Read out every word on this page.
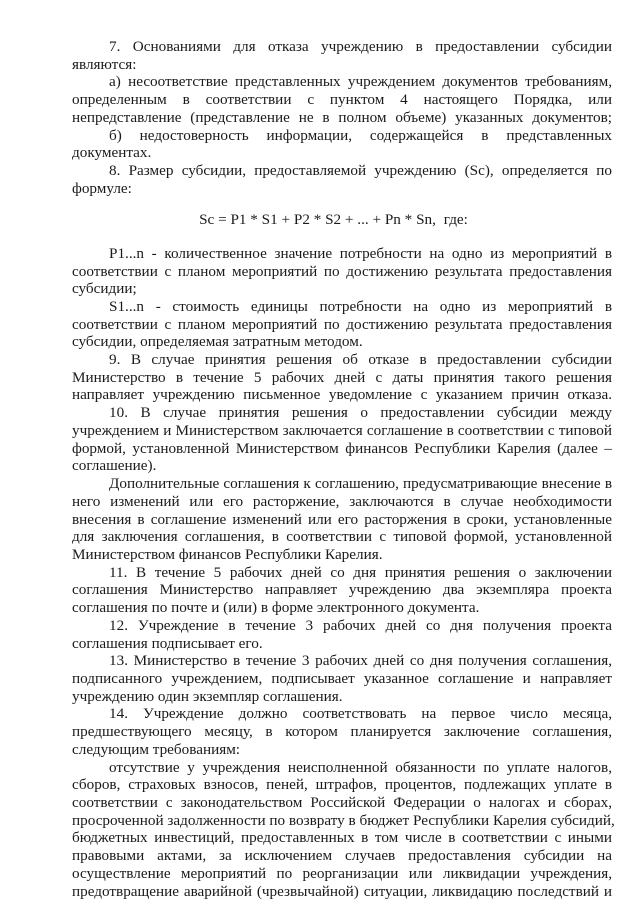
7. Основаниями для отказа учреждению в предоставлении субсидии
являются:
а) несоответствие представленных учреждением документов требованиям,
определенным в соответствии с пунктом 4 настоящего Порядка, или
непредставление (представление не в полном объеме) указанных документов;
б) недостоверность информации, содержащейся в представленных
документах.
8. Размер субсидии, предоставляемой учреждению (Sc), определяется по
формуле:
Sc = P1 * S1 + P2 * S2 + ... + Pn * Sn, где:
P1...n - количественное значение потребности на одно из мероприятий в
соответствии с планом мероприятий по достижению результата предоставления
субсидии;
S1...n - стоимость единицы потребности на одно из мероприятий в
соответствии с планом мероприятий по достижению результата предоставления
субсидии, определяемая затратным методом.
9. В случае принятия решения об отказе в предоставлении субсидии
Министерство в течение 5 рабочих дней с даты принятия такого решения
направляет учреждению письменное уведомление с указанием причин отказа.
10. В случае принятия решения о предоставлении субсидии между
учреждением и Министерством заключается соглашение в соответствии с типовой
формой, установленной Министерством финансов Республики Карелия (далее –
соглашение).
Дополнительные соглашения к соглашению, предусматривающие внесение в
него изменений или его расторжение, заключаются в случае необходимости
внесения в соглашение изменений или его расторжения в сроки, установленные
для заключения соглашения, в соответствии с типовой формой, установленной
Министерством финансов Республики Карелия.
11. В течение 5 рабочих дней со дня принятия решения о заключении
соглашения Министерство направляет учреждению два экземпляра проекта
соглашения по почте и (или) в форме электронного документа.
12. Учреждение в течение 3 рабочих дней со дня получения проекта
соглашения подписывает его.
13. Министерство в течение 3 рабочих дней со дня получения соглашения,
подписанного учреждением, подписывает указанное соглашение и направляет
учреждению один экземпляр соглашения.
14. Учреждение должно соответствовать на первое число месяца,
предшествующего месяцу, в котором планируется заключение соглашения,
следующим требованиям:
отсутствие у учреждения неисполненной обязанности по уплате налогов,
сборов, страховых взносов, пеней, штрафов, процентов, подлежащих уплате в
соответствии с законодательством Российской Федерации о налогах и сборах,
просроченной задолженности по возврату в бюджет Республики Карелия субсидий,
бюджетных инвестиций, предоставленных в том числе в соответствии с иными
правовыми актами, за исключением случаев предоставления субсидии на
осуществление мероприятий по реорганизации или ликвидации учреждения,
предотвращение аварийной (чрезвычайной) ситуации, ликвидацию последствий и
